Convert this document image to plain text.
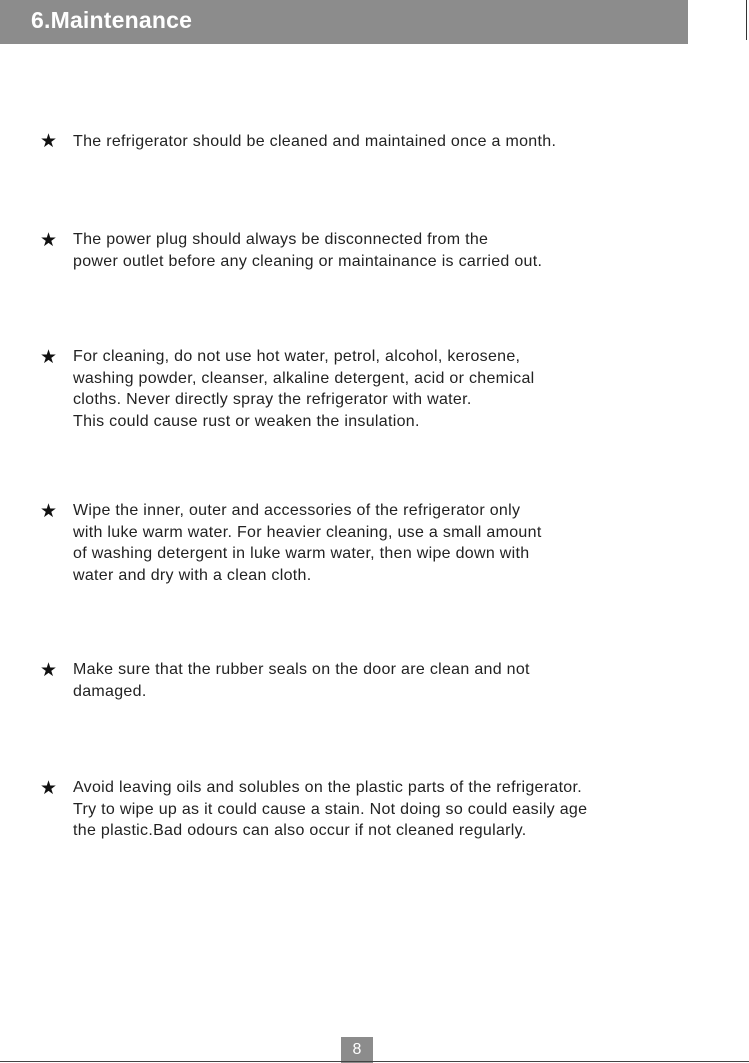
6.Maintenance
★ The refrigerator should be cleaned and maintained once a month.
★ The power plug should always be disconnected from the
power outlet before any cleaning or maintainance is carried out.
★ For cleaning, do not use hot water, petrol, alcohol, kerosene,
washing powder, cleanser, alkaline detergent, acid or chemical
cloths. Never directly spray the refrigerator with water.
This could cause rust or weaken the insulation.
★ Wipe the inner, outer and accessories of the refrigerator only
with luke warm water. For heavier cleaning, use a small amount
of washing detergent in luke warm water, then wipe down with
water and dry with a clean cloth.
★ Make sure that the rubber seals on the door are clean and not
damaged.
★ Avoid leaving oils and solubles on the plastic parts of the refrigerator.
Try to wipe up as it could cause a stain. Not doing so could easily age
the plastic.Bad odours can also occur if not cleaned regularly.
8
